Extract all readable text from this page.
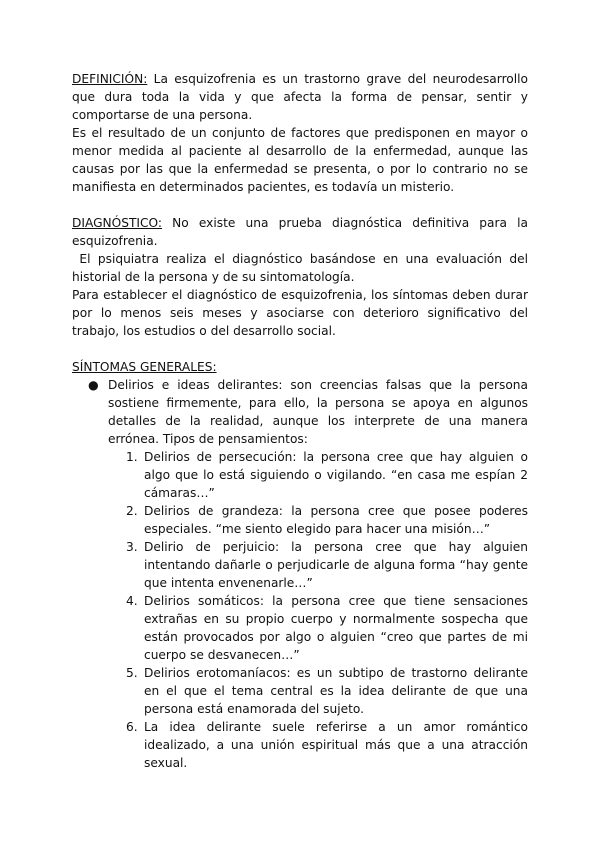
DEFINICIÓN: La esquizofrenia es un trastorno grave del neurodesarrollo que dura toda la vida y que afecta la forma de pensar, sentir y comportarse de una persona.

Es el resultado de un conjunto de factores que predisponen en mayor o menor medida al paciente al desarrollo de la enfermedad, aunque las causas por las que la enfermedad se presenta, o por lo contrario no se manifiesta en determinados pacientes, es todavía un misterio.

DIAGNÓSTICO: No existe una prueba diagnóstica definitiva para la esquizofrenia.

El psiquiatra realiza el diagnóstico basándose en una evaluación del historial de la persona y de su sintomatología.

Para establecer el diagnóstico de esquizofrenia, los síntomas deben durar por lo menos seis meses y asociarse con deterioro significativo del trabajo, los estudios o del desarrollo social.

SÍNTOMAS GENERALES:

● Delirios e ideas delirantes: son creencias falsas que la persona sostiene firmemente, para ello, la persona se apoya en algunos detalles de la realidad, aunque los interprete de una manera errónea. Tipos de pensamientos:
1. Delirios de persecución: la persona cree que hay alguien o algo que lo está siguiendo o vigilando. “en casa me espían 2 cámaras…”
2. Delirios de grandeza: la persona cree que posee poderes especiales. “me siento elegido para hacer una misión…”
3. Delirio de perjuicio: la persona cree que hay alguien intentando dañarle o perjudicarle de alguna forma “hay gente que intenta envenenarle…”
4. Delirios somáticos: la persona cree que tiene sensaciones extrañas en su propio cuerpo y normalmente sospecha que están provocados por algo o alguien “creo que partes de mi cuerpo se desvanecen…”
5. Delirios erotomaníacos: es un subtipo de trastorno delirante en el que el tema central es la idea delirante de que una persona está enamorada del sujeto.
6. La idea delirante suele referirse a un amor romántico idealizado, a una unión espiritual más que a una atracción sexual.
